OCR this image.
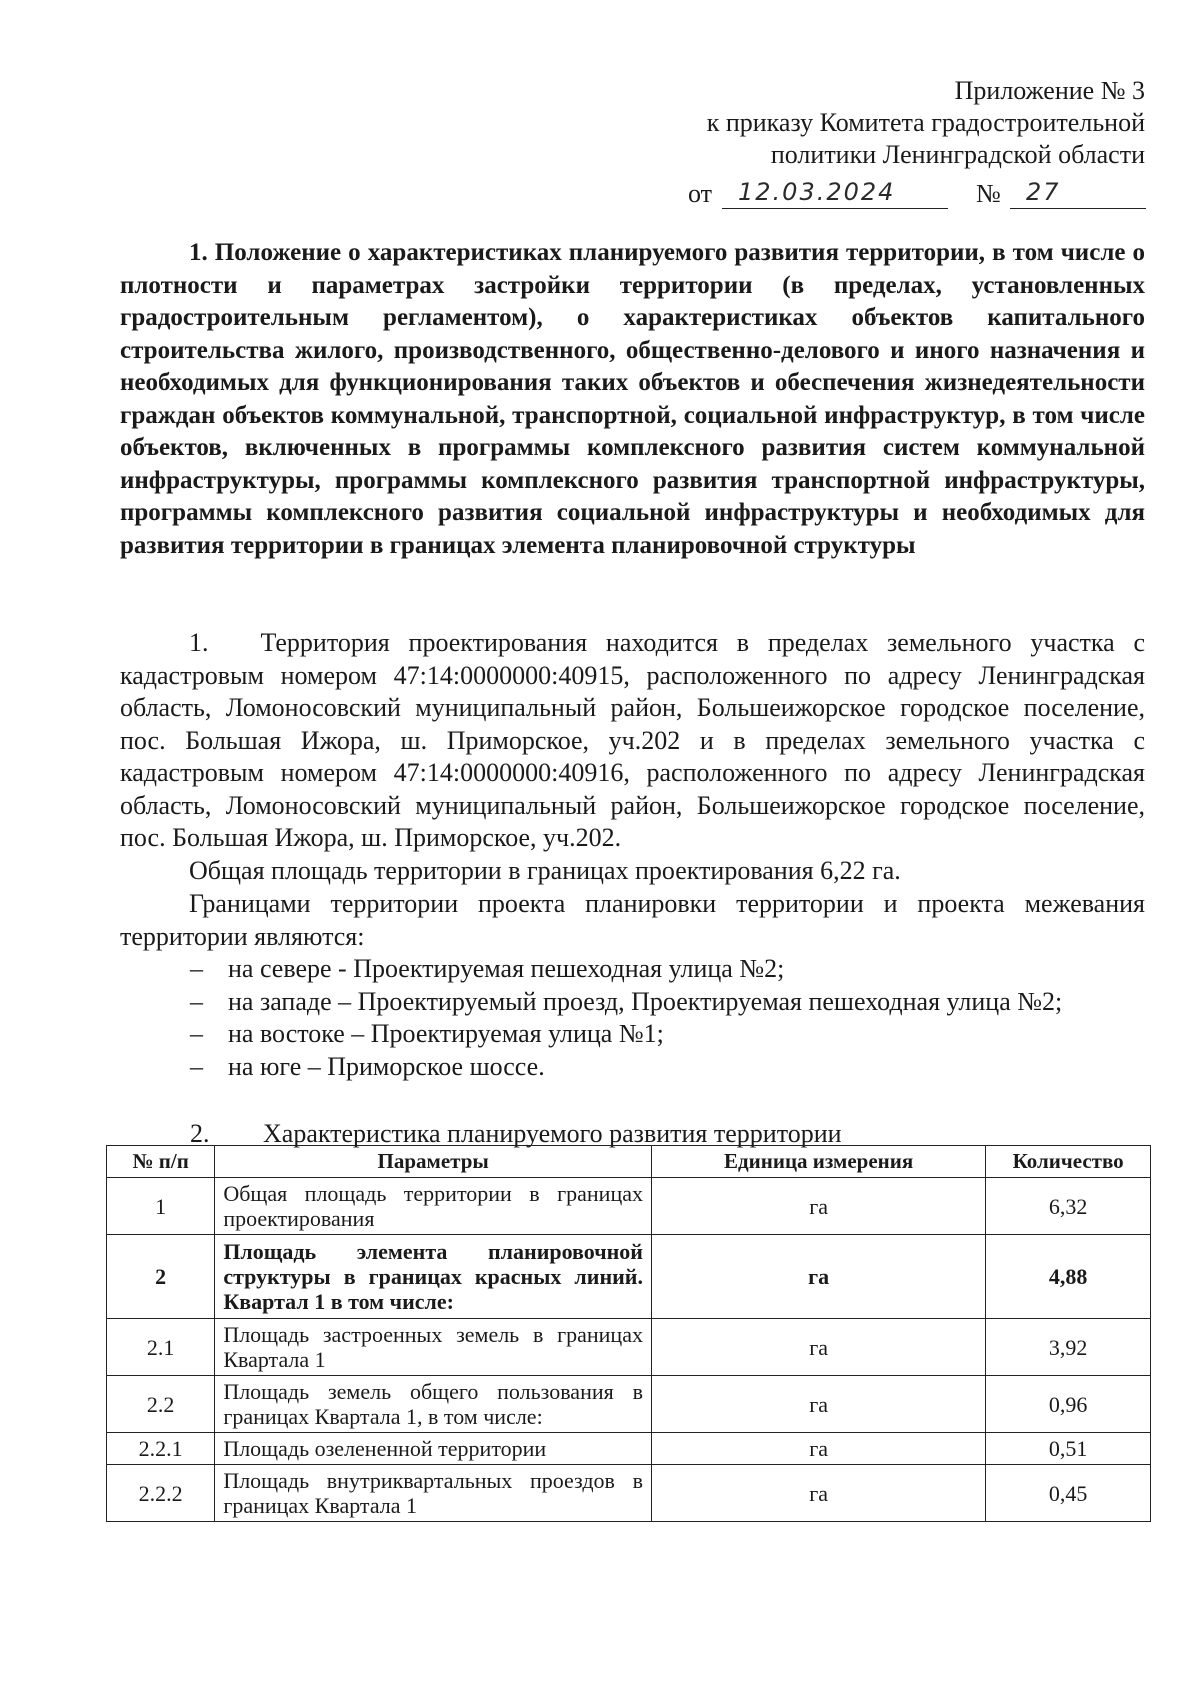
Приложение № 3
к приказу Комитета градостроительной
политики Ленинградской области
от 12.03.2024	№ 27
1. Положение о характеристиках планируемого развития территории, в том числе о плотности и параметрах застройки территории (в пределах, установленных градостроительным регламентом), о характеристиках объектов капитального строительства жилого, производственного, общественно-делового и иного назначения и необходимых для функционирования таких объектов и обеспечения жизнедеятельности граждан объектов коммунальной, транспортной, социальной инфраструктур, в том числе объектов, включенных в программы комплексного развития систем коммунальной инфраструктуры, программы комплексного развития транспортной инфраструктуры, программы комплексного развития социальной инфраструктуры и необходимых для развития территории в границах элемента планировочной структуры
1.  Территория проектирования находится в пределах земельного участка с кадастровым номером 47:14:0000000:40915, расположенного по адресу Ленинградская область, Ломоносовский муниципальный район, Большеижорское городское поселение, пос. Большая Ижора, ш. Приморское, уч.202 и в пределах земельного участка с кадастровым номером 47:14:0000000:40916, расположенного по адресу Ленинградская область, Ломоносовский муниципальный район, Большеижорское городское поселение, пос. Большая Ижора, ш. Приморское, уч.202.
Общая площадь территории в границах проектирования 6,22 га.
Границами территории проекта планировки территории и проекта межевания территории являются:
– на севере - Проектируемая пешеходная улица №2;
– на западе – Проектируемый проезд, Проектируемая пешеходная улица №2;
– на востоке – Проектируемая улица №1;
– на юге – Приморское шоссе.
2. Характеристика планируемого развития территории
№ п/п	Параметры	Единица измерения	Количество
1	Общая площадь территории в границах проектирования	га	6,32
2	Площадь элемента планировочной структуры в границах красных линий. Квартал 1 в том числе:	га	4,88
2.1	Площадь застроенных земель в границах Квартала 1	га	3,92
2.2	Площадь земель общего пользования в границах Квартала 1, в том числе:	га	0,96
2.2.1	Площадь озелененной территории	га	0,51
2.2.2	Площадь внутриквартальных проездов в границах Квартала 1	га	0,45
